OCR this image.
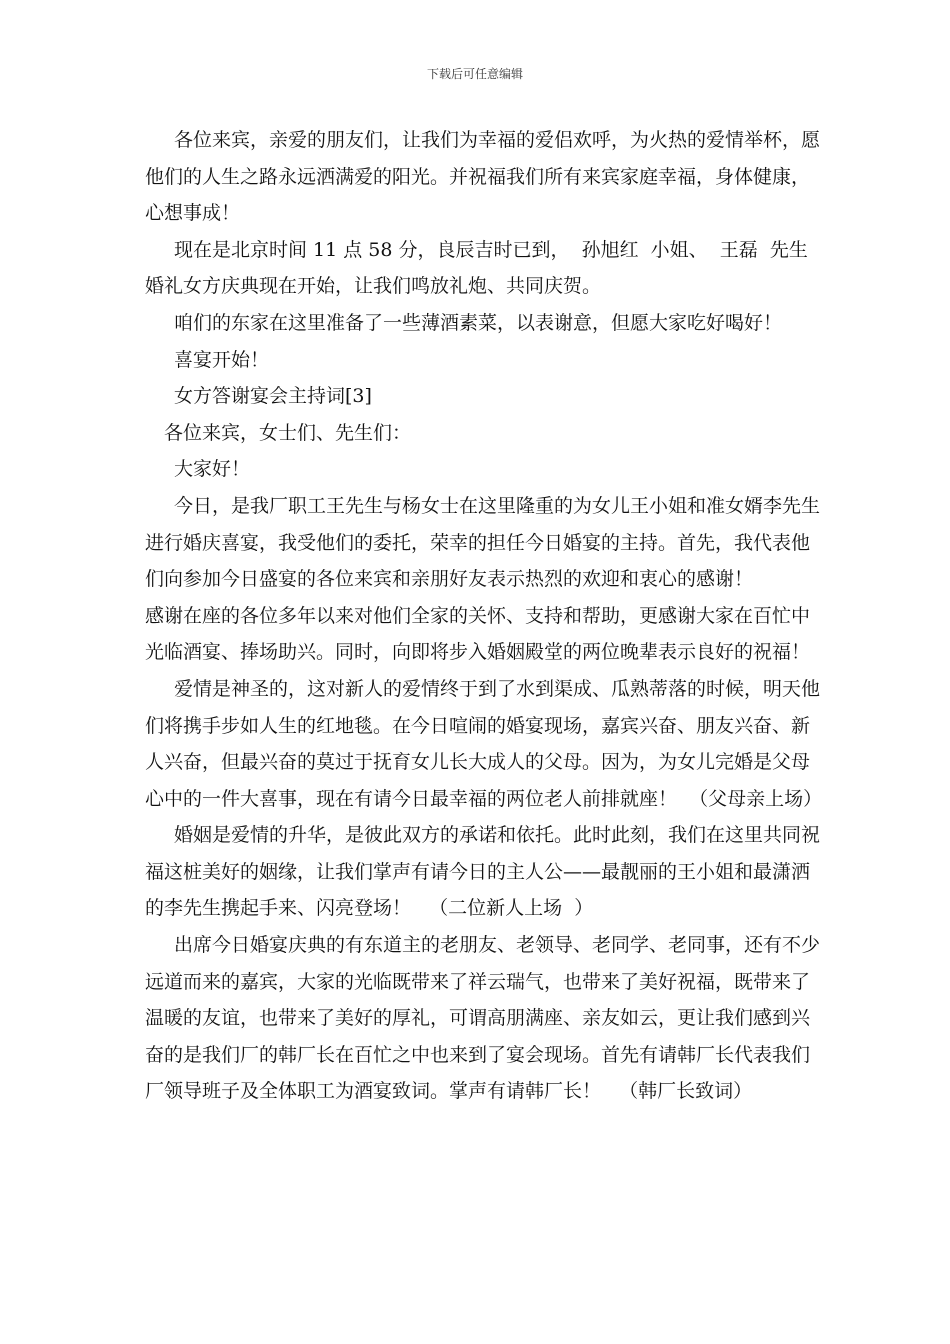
下载后可任意编辑

各位来宾，亲爱的朋友们，让我们为幸福的爱侣欢呼，为火热的爱情举杯，愿他们的人生之路永远洒满爱的阳光。并祝福我们所有来宾家庭幸福，身体健康，心想事成！

现在是北京时间 11 点 58 分，良辰吉时已到，  孙旭红  小姐、  王磊  先生婚礼女方庆典现在开始，让我们鸣放礼炮、共同庆贺。

咱们的东家在这里准备了一些薄酒素菜，以表谢意，但愿大家吃好喝好！

喜宴开始！

女方答谢宴会主持词[3]

各位来宾，女士们、先生们：

大家好！

今日，是我厂职工王先生与杨女士在这里隆重的为女儿王小姐和准女婿李先生进行婚庆喜宴，我受他们的委托，荣幸的担任今日婚宴的主持。首先，我代表他们向参加今日盛宴的各位来宾和亲朋好友表示热烈的欢迎和衷心的感谢！

感谢在座的各位多年以来对他们全家的关怀、支持和帮助，更感谢大家在百忙中光临酒宴、捧场助兴。同时，向即将步入婚姻殿堂的两位晚辈表示良好的祝福！

爱情是神圣的，这对新人的爱情终于到了水到渠成、瓜熟蒂落的时候，明天他们将携手步如人生的红地毯。在今日喧闹的婚宴现场，嘉宾兴奋、朋友兴奋、新人兴奋，但最兴奋的莫过于抚育女儿长大成人的父母。因为，为女儿完婚是父母心中的一件大喜事，现在有请今日最幸福的两位老人前排就座！  （父母亲上场）

婚姻是爱情的升华，是彼此双方的承诺和依托。此时此刻，我们在这里共同祝福这桩美好的姻缘，让我们掌声有请今日的主人公——最靓丽的王小姐和最潇洒的李先生携起手来、闪亮登场！   （二位新人上场  ）

出席今日婚宴庆典的有东道主的老朋友、老领导、老同学、老同事，还有不少远道而来的嘉宾，大家的光临既带来了祥云瑞气，也带来了美好祝福，既带来了温暖的友谊，也带来了美好的厚礼，可谓高朋满座、亲友如云，更让我们感到兴奋的是我们厂的韩厂长在百忙之中也来到了宴会现场。首先有请韩厂长代表我们厂领导班子及全体职工为酒宴致词。掌声有请韩厂长！   （韩厂长致词）
